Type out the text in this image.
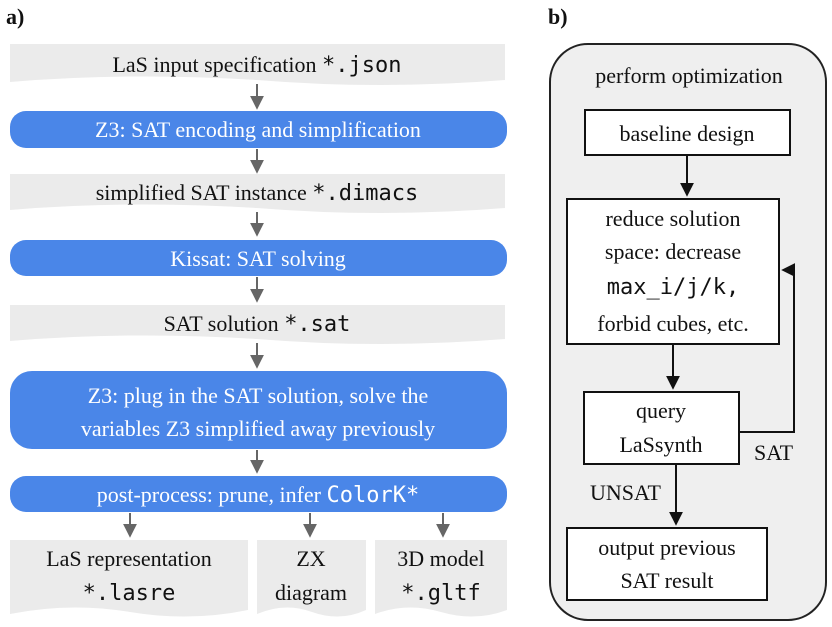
a)
LaS input specification *.json
Z3: SAT encoding and simplification
simplified SAT instance *.dimacs
Kissat: SAT solving
SAT solution *.sat
Z3: plug in the SAT solution, solve the
variables Z3 simplified away previously
post-process: prune, infer ColorK*
LaS representation
*.lasre
ZX
diagram
3D model
*.gltf
b)
perform optimization
baseline design
reduce solution
space: decrease
max_i/j/k,
forbid cubes, etc.
query
LaSsynth SAT
UNSAT
output previous
SAT result
